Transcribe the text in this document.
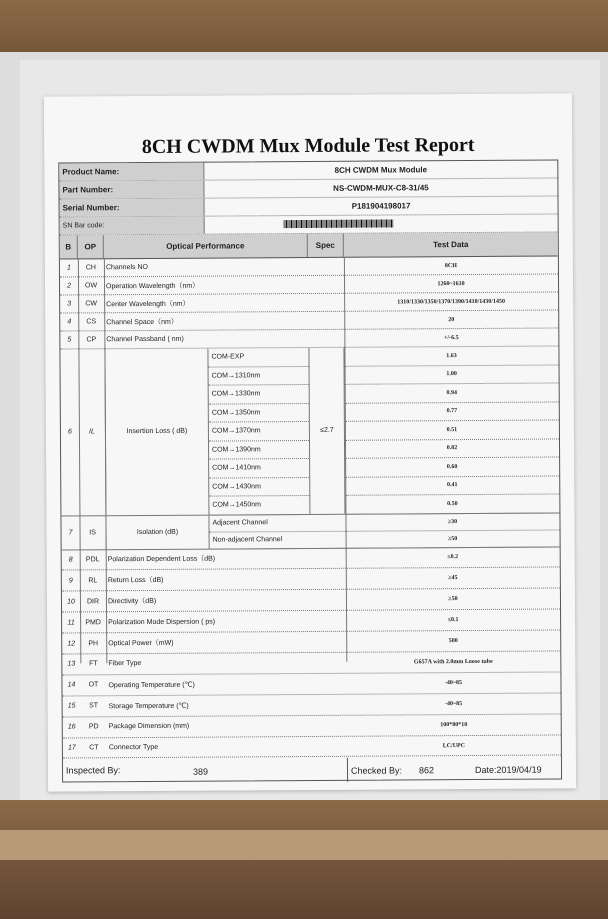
8CH CWDM Mux Module Test Report
Product Name:	8CH CWDM Mux Module
Part Number:	NS-CWDM-MUX-C8-31/45
Serial Number:	P181904198017
SN Bar code:
B	OP	Optical Performance	Spec	Test Data
1	CH	Channels NO	8CH
2	OW	Operation Wavelength（nm）	1260~1610
3	CW	Center Wavelength（nm）	1310/1330/1350/1370/1390/1410/1430/1450
4	CS	Channel Space（nm）	20
5	CP	Channel Passband ( nm)	+/-6.5
6	IL	Insertion Loss ( dB)	≤2.7
COM-EXP	1.63
COM→1310nm	1.00
COM→1330nm	0.94
COM→1350nm	0.77
COM→1370nm	0.51
COM→1390nm	0.82
COM→1410nm	0.60
COM→1430nm	0.41
COM→1450nm	0.50
7	IS	Isolation (dB)
Adjacent Channel	≥30
Non-adjacent Channel	≥50
8	PDL	Polarization Dependent Loss（dB)	≤0.2
9	RL	Return Loss（dB)	≥45
10	DIR	Directivity（dB)	≥50
11	PMD	Polarization Mode Dispersion ( ps)	≤0.1
12	PH	Optical Power（mW)	500
13	FT	Fiber Type	G657A with 2.0mm Loose tube
14	OT	Operating Temperature (℃)	-40~85
15	ST	Storage Temperature (℃)	-40~85
16	PD	Package Dimension (mm)	100*80*10
17	CT	Connector Type	LC/UPC
Inspected By:	389	Checked By: 862	Date:2019/04/19
